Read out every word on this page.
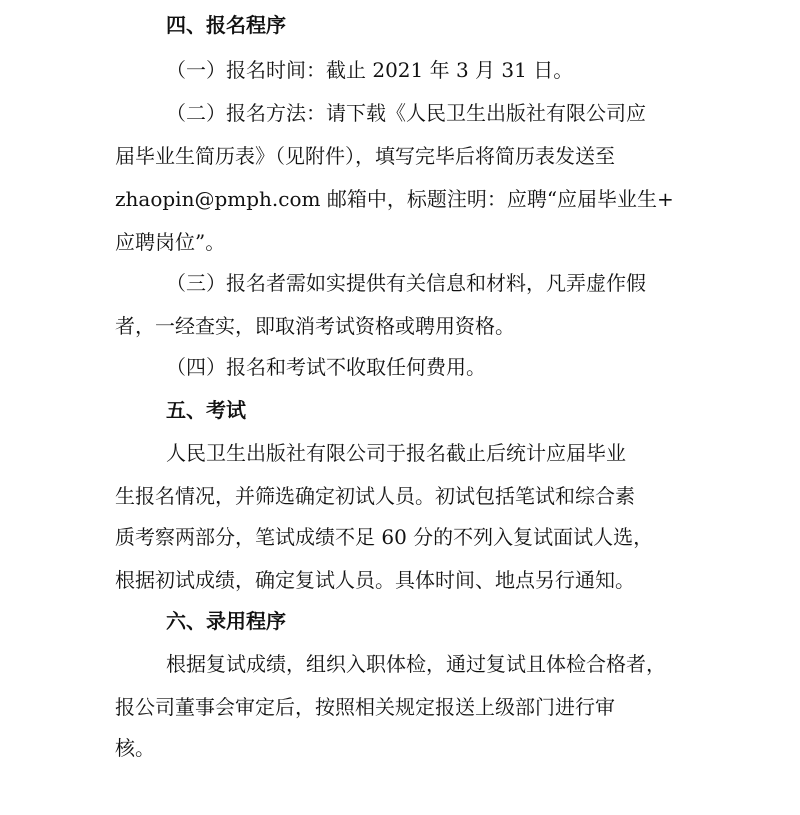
四、报名程序
（一）报名时间：截止 2021 年 3 月 31 日。
（二）报名方法：请下载《人民卫生出版社有限公司应
届毕业生简历表》（见附件），填写完毕后将简历表发送至
zhaopin@pmph.com 邮箱中，标题注明：应聘“应届毕业生+
应聘岗位”。
（三）报名者需如实提供有关信息和材料，凡弄虚作假
者，一经查实，即取消考试资格或聘用资格。
（四）报名和考试不收取任何费用。
五、考试
人民卫生出版社有限公司于报名截止后统计应届毕业
生报名情况，并筛选确定初试人员。初试包括笔试和综合素
质考察两部分，笔试成绩不足 60 分的不列入复试面试人选，
根据初试成绩，确定复试人员。具体时间、地点另行通知。
六、录用程序
根据复试成绩，组织入职体检，通过复试且体检合格者，
报公司董事会审定后，按照相关规定报送上级部门进行审
核。
